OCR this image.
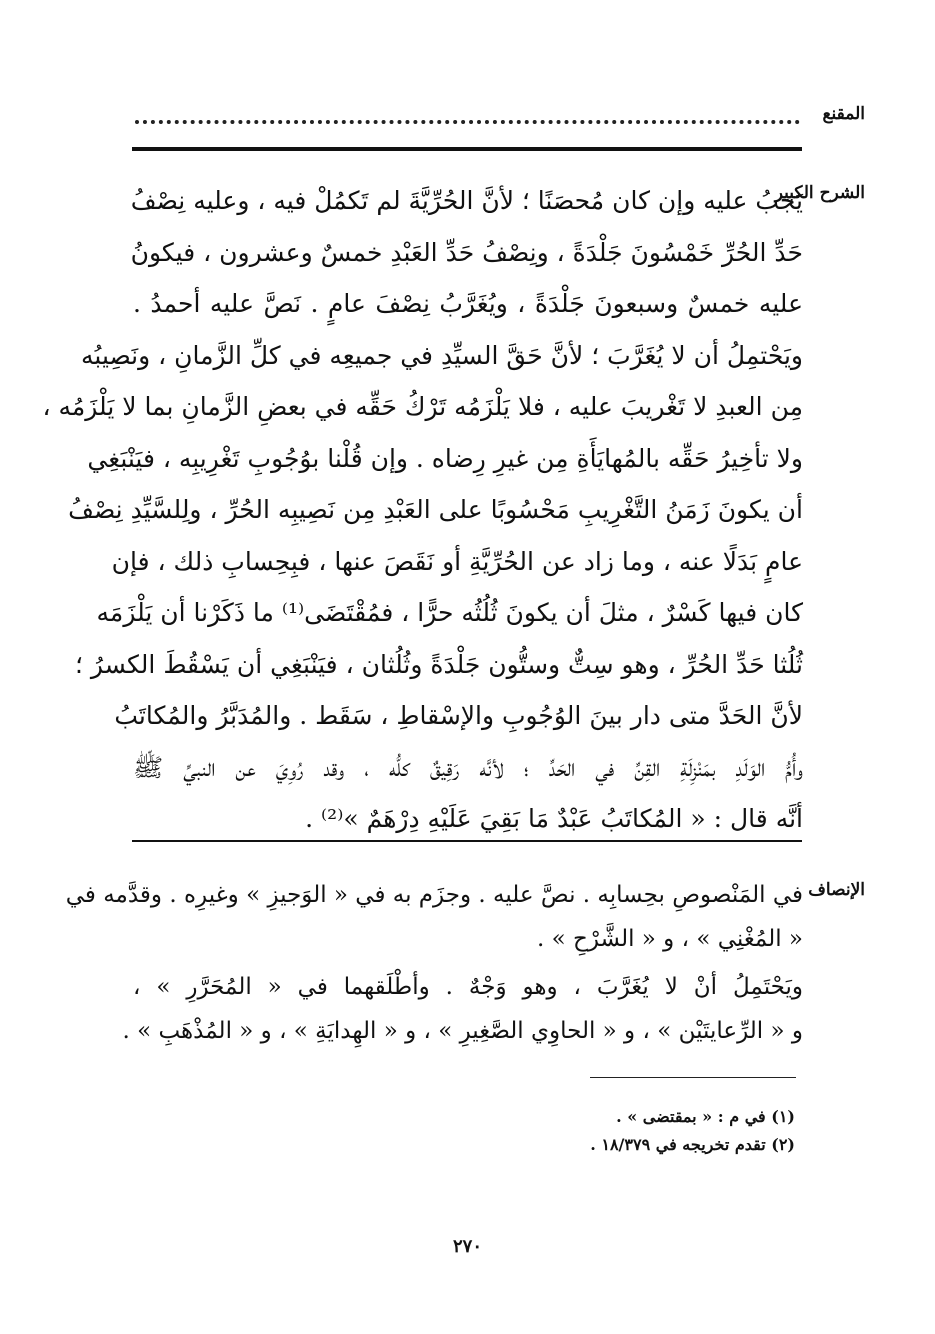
المقنع
الشرح الكبير
يَجبُ عليه وإن كان مُحصَنًا ؛ لأنَّ الحُرِّيَّةَ لم تَكمُلْ فيه ، وعليه نِصْفُ
حَدِّ الحُرِّ خَمْسُونَ جَلْدَةً ، ونِصْفُ حَدِّ العَبْدِ خمسٌ وعشرون ، فيكونُ
عليه خمسٌ وسبعونَ جَلْدَةً ، ويُغَرَّبُ نِصْفَ عامٍ . نَصَّ عليه أحمدُ .
ويَحْتمِلُ أن لا يُغَرَّبَ ؛ لأنَّ حَقَّ السيِّدِ في جميعِه في كلِّ الزَّمانِ ، ونَصِيبُه
مِن العبدِ لا تَغْريبَ عليه ، فلا يَلْزَمُه تَرْكُ حَقِّه في بعضِ الزَّمانِ بما لا يَلْزَمُه ،
ولا تأخِيرُ حَقِّه بالمُهايَأَةِ مِن غيرِ رِضاه . وإن قُلْنا بوُجُوبِ تَغْرِيبِه ، فيَنْبَغِي
أن يكونَ زَمَنُ التَّغْرِيبِ مَحْسُوبًا على العَبْدِ مِن نَصِيبِه الحُرِّ ، ولِلسَّيِّدِ نِصْفُ
عامٍ بَدَلًا عنه ، وما زاد عن الحُرِّيَّةِ أو نَقَصَ عنها ، فبِحِسابِ ذلك ، فإن
كان فيها كَسْرٌ ، مثلَ أن يكونَ ثُلُثُه حرًّا ، فمُقْتَضَى⁽¹⁾ ما ذَكَرْنا أن يَلْزَمَه
ثُلُثا حَدِّ الحُرِّ ، وهو سِتٌّ وستُّون جَلْدَةً وثُلُثان ، فيَنْبَغِي أن يَسْقُطَ الكسرُ ؛
لأنَّ الحَدَّ متى دار بينَ الوُجُوبِ والإسْقاطِ ، سَقَط . والمُدَبَّرُ والمُكاتَبُ
وأُمُّ الوَلَدِ بمَنْزِلَةِ القِنِّ في الحَدِّ ؛ لأنَّه رَقِيقٌ كلُّه ، وقد رُوِيَ عن النبيِّ ﷺ
أنَّه قال : « المُكاتَبُ عَبْدٌ مَا بَقِيَ عَلَيْهِ دِرْهَمٌ »⁽²⁾ .
الإنصاف
في المَنْصوصِ بحِسابِه . نصَّ عليه . وجزَم به في « الوَجيزِ » وغيرِه . وقدَّمه في
« المُغْنِي » ، و « الشَّرْحِ » .
ويَحْتَمِلُ أنْ لا يُغَرَّبَ ، وهو وَجْهٌ . وأطْلَقهما في « المُحَرَّرِ » ،
و « الرِّعايتَيْن » ، و « الحاوِي الصَّغِيرِ » ، و « الهِدايَةِ » ، و « المُذْهَبِ » .
(١) في م : « بمقتضى » .
(٢) تقدم تخريجه في ١٨/٣٧٩ .
٢٧٠
